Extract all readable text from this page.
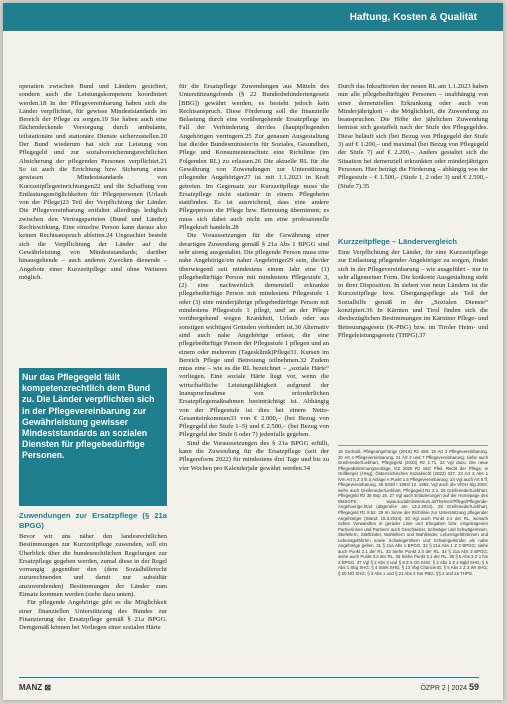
Haftung, Kosten & Qualität

operation zwischen Bund und Ländern gesichert, sondern auch die Leistungskompetenz koordiniert werden.18 In der Pflegevereinbarung haben sich die Länder verpflichtet, für gewisse Mindeststandards im Bereich der Pflege zu sorgen.19 Sie haben auch eine flächendeckende Versorgung durch ambulante, teilstationäre und stationäre Dienste sicherzustellen.20 Der Bund wiederum hat sich zur Leistung von Pflegegeld und zur sozialversicherungsrechtlichen Absicherung der pflegenden Personen verpflichtet.21 So ist auch die Errichtung bzw. Sicherung eines gewissen Mindeststandards von Kurzzeitpflegeeinrichtungen22 und die Schaffung von Entlastungsmöglichkeiten für Pflegepersonen (Urlaub von der Pflege)23 Teil der Verpflichtung der Länder. Die Pflegevereinbarung entfaltet allerdings lediglich zwischen den Vertragsparteien (Bund und Länder) Rechtswirkung. Eine einzelne Person kann daraus also keinen Rechtsanspruch ableiten.24 Ungeachtet besteht sich die Verpflichtung der Länder auf die Gewährleistung von Mindeststandards; darüber hinausgehende – auch anderen Zwecken dienende – Angebote einer Kurzzeitpflege sind ohne Weiteres möglich.

Nur das Pflegegeld fällt kompetenzrechtlich dem Bund zu. Die Länder verpflichten sich in der Pflegevereinbarung zur Gewährleistung gewisser Mindeststandards an sozialen Diensten für pflegebedürftige Personen.
Zuwendungen zur Ersatzpflege (§ 21a BPGG)

Bevor wir uns näher den landesrechtlichen Bestimmungen zur Kurzzeitpflege zuwenden, soll ein Überblick über die bundesrechtlichen Regelungen zur Ersatzpflege gegeben werden, zumal diese in der Regel vorrangig gegenüber den (dem Sozialhilferecht zuzurechnenden und damit nur subsidiär anzuwendenden) Bestimmungen der Länder zum Einsatz kommen werden (siehe dazu unten).

Für pflegende Angehörige gibt es die Möglichkeit einer finanziellen Unterstützung des Bundes zur Finanzierung der Ersatzpflege gemäß § 21a BPGG. Demgemäß können bei Vorliegen einer sozialen Härte

für die Ersatzpflege Zuwendungen aus Mitteln des Unterstützungsfonds (§ 22 Bundesbehindertengesetz [BBG]) gewährt werden, es besteht jedoch kein Rechtsanspruch. Diese Förderung soll die finanzielle Belastung durch eine vorübergehende Ersatzpflege im Fall der Verhinderung der/des (hauptpflegenden Angehörigen verringern.25 Zur genauen Ausgestaltung hat die/der Bundesminister/in für Soziales, Gesundheit, Pflege und Konsumentenschutz eine Richtlinie (im Folgenden RL) zu erlassen.26 Die aktuelle RL für die Gewährung von Zuwendungen zur Unterstützung pflegender Angehöriger27 ist mit 1.1.2023 in Kraft getreten. Im Gegensatz zur Kurzzeitpflege muss die Ersatzpflege nicht stationär in einem Pflegeheim stattfinden. Es ist ausreichend, dass eine andere Pflegeperson die Pflege bzw. Betreuung übernimmt; es muss sich dabei auch nicht um eine professionelle Pflegekraft handeln.28

Die Voraussetzungen für die Gewährung einer derartigen Zuwendung gemäß § 21a Abs 1 BPGG sind sehr streng ausgestaltet. Die pflegende Person muss eine nahe Angehörige/ein naher Angehöriger29 sein, die/der überwiegend seit mindestens einem Jahr eine (1) pflegebedürftige Person mit mindestens Pflegestufe 3, (2) eine nachweislich demenziell erkrankte pflegebedürftige Person mit mindestens Pflegestufe 1 oder (3) eine minderjährige pflegebedürftige Person mit mindestens Pflegestufe 1 pflegt, und an der Pflege vorübergehend wegen Krankheit, Urlaub oder aus sonstigen wichtigen Gründen verhindert ist.30 Alternativ sind auch nahe Angehörige erfasst, die eine pflegebedürftige Person der Pflegestufe 1 pflegen und an einem oder mehreren (Tagesklinik)Pflege31. Kursen im Bereich Pflege und Betreuung teilnehmen.32 Zudem muss eine – wie es die RL bezeichnet – „soziale Härte“ vorliegen. Eine soziale Härte liegt vor, wenn die wirtschaftliche Leistungsfähigkeit aufgrund der Inanspruchnahme von erforderlichen Ersatzpflegemaßnahmen beeinträchtigt ist. Abhängig von der Pflegestufe ist dies bei einem Netto-Gesamteinkommen33 von € 2.000,– (bei Bezug von Pflegegeld der Stufe 1–5) und € 2.500,– (bei Bezug von Pflegegeld der Stufe 6 oder 7) jedenfalls gegeben.

Sind die Voraussetzungen des § 21a BPGG erfüllt, kann die Zuwendung für die Ersatzpflege (seit der Pflegereform 2022) für mindestens drei Tage und bis zu vier Wochen pro Kalenderjahr gewährt werden.34

Durch das Inkrafttreten der neuen RL am 1.1.2023 haben nun alle pflegebedürftigen Personen – unabhängig von einer demenziellen Erkrankung oder auch von Minderjährigkeit – die Möglichkeit, die Zuwendung zu beanspruchen. Die Höhe der jährlichen Zuwendung bemisst sich gestaffelt nach der Stufe des Pflegegeldes. Diese beläuft sich (bei Bezug von Pflegegeld der Stufe 3) auf € 1.200,– und maximal (bei Bezug von Pflegegeld der Stufe 7) auf € 2.200,–. Anders gestaltet sich die Situation bei demenziell erkrankten oder minderjährigen Personen. Hier beträgt die Förderung – abhängig von der Pflegestufe – € 1.500,– (Stufe 1, 2 oder 3) und € 2.500,– (Stufe 7).35

Kurzzeitpflege – Ländervergleich

Eine Verpflichtung der Länder, für eine Kurzzeitpflege zur Entlastung pflegender Angehöriger zu sorgen, findet sich in der Pflegevereinbarung – wie ausgeführt – nur in sehr allgemeiner Form. Die konkrete Ausgestaltung steht in ihrer Disposition. In sieben von neun Ländern ist die Kurzzeitpflege bzw. Übergangspflege als Teil der Sozialhilfe gemäß in der „Sozialen Dienste“ konzipiert.36 In Kärnten und Tirol finden sich die diesbezüglichen Bestimmungen im Kärntner Pflege- und Betreuungsgesetz (K-PBG) bzw. im Tiroler Heim- und Pflegeleistungsgesetz (THPG).37

18 Gerhartl, Pflegeangehörige (2018) Rz 459. 19 Art 3 Pflegevereinbarung. 20 Art 4 Pflegevereinbarung. 21 Art 2 und 7 Pflegevereinbarung; siehe auch Greifeneder/Liebhart, Pflegegeld (2023) Rz 1.71. 22 Vgl dazu. Die neue Pflegeabstimmungsvorlage, GZ 2020 Rz 162; Pfeil, Recht der Pflege, in Grillberger (Hrsg), Österreichisches Sozialrecht (2022) 337. 23 Art 3 Abs 1 iVm Art 5 Z 3 lit a Anlage A Punkt 1.5 Pflegevereinbarung. 24 Vgl auch Art 5 ff, Pflegevereinbarung. 25 BGBl I 1993/ 12. 1993. Vgl auch die VfGH Slg 2002; siehe auch Greifeneder/Liebhart, Pflegegeld Rz 2.2. 26 Greifeneder/Liebhart, Pflegegeld Rz 35 Bsp 18. 27 Vgl auch Erläuterungen auf der Homepage des BMSGPK: www.sozialministerium.at/Themen/Pflege/Pflegende-Angehoerige.html (abgerufen am 13.2.2024). 28 Greifeneder/Liebhart, Pflegegeld Rz 8.52. 29 Im Sinne der Richtlinie zur Unterstützung pflegender Angehöriger (Stand: 15.3.2024). 30 Vgl auch Punkt 2.4 der RL, wonach neben Verwandten in gerader Linie und Ehegatten bzw. eingetragenen Partnerinnen und Partnern auch Geschwister, Schwäger und Schwägerinnen, Stiefeltern, Stiefkinder, Wahleltern und Wahlkinder, Lebensgefährtinnen und Lebensgefährten sowie Schwiegereltern und Schwiegerkinder als nahe Angehörige gelten. 31 § 21a Abs 1 BPGG. 32 § 21a Abs 1 Z 2 BPGG; siehe auch Punkt 2.1 der RL. 33 Siehe Punkt 2.3 der RL. 34 § 21a Abs 3 BPGG; siehe auch Punkt 3.2 der RL. 35 Siehe Punkt 3.1 der RL. 36 § 5 Abs 3 Z 1 bis 3 BPGG. 37 Vgl § 2 Abs 4 und § 8 Z 3 Oö SHG; § 3 Abs 2 Z 4 Bgld SHG; § 5 Abs 1 Sbg SHG; § 4 Stmk SHG; § 13 Vbg ChancenG; § 5 Abs 2 Z 3 Wr SHG; § 20 NÖ SHG; § 3 Abs 1 und § 21 Abs 2 Ktn PBG; §§ 2 und 16 THPG.
MANZ ⊠	ÖZPR 2 | 2024 59
